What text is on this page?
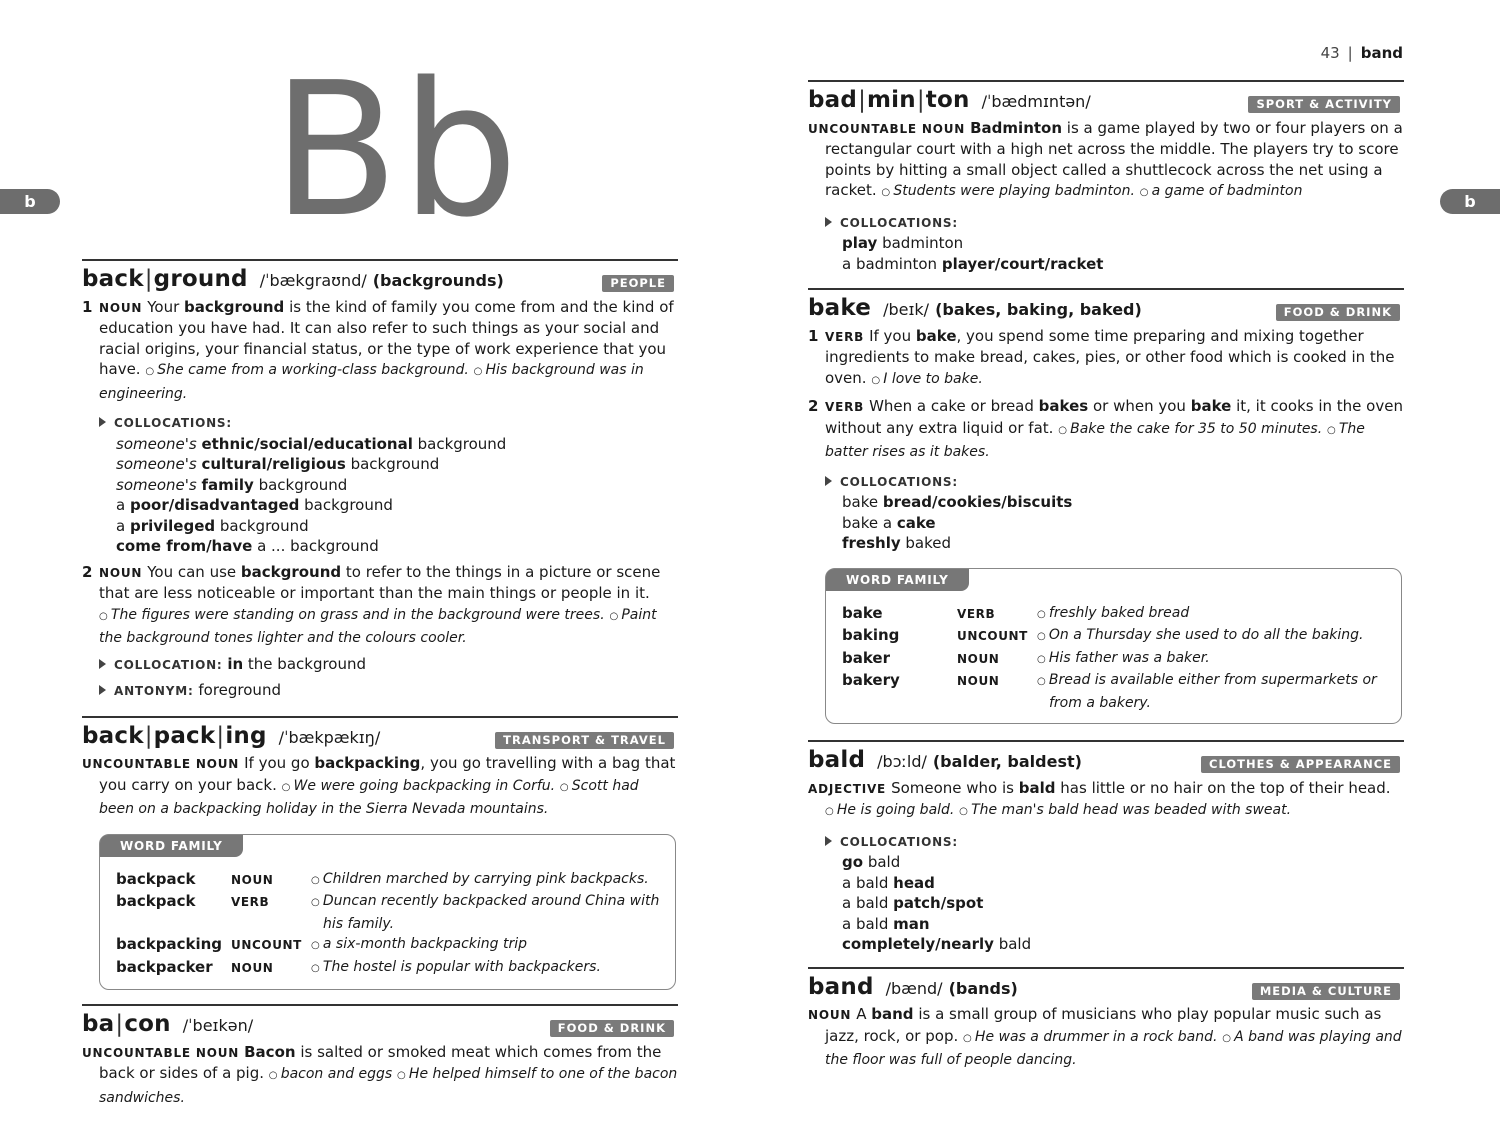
b	b
Bb	43 | band
back|ground /ˈbækgraʊnd/ (backgrounds)	PEOPLE
1 NOUN Your background is the kind of family you come from and the kind of education you have had. It can also refer to such things as your social and racial origins, your financial status, or the type of work experience that you have. ○ She came from a working-class background. ○ His background was in engineering.
COLLOCATIONS:
someone's ethnic/social/educational background
someone's cultural/religious background
someone's family background
a poor/disadvantaged background
a privileged background
come from/have a ... background
2 NOUN You can use background to refer to the things in a picture or scene that are less noticeable or important than the main things or people in it. ○ The figures were standing on grass and in the background were trees. ○ Paint the background tones lighter and the colours cooler.
COLLOCATION: in the background
ANTONYM: foreground
back|pack|ing /ˈbækpækɪŋ/	TRANSPORT & TRAVEL
UNCOUNTABLE NOUN If you go backpacking, you go travelling with a bag that you carry on your back. ○ We were going backpacking in Corfu. ○ Scott had been on a backpacking holiday in the Sierra Nevada mountains.
WORD FAMILY
backpack	NOUN	○ Children marched by carrying pink backpacks.
backpack	VERB	○ Duncan recently backpacked around China with his family.
backpacking UNCOUNT	○ a six-month backpacking trip
backpacker	NOUN	○ The hostel is popular with backpackers.
ba|con /ˈbeɪkən/	FOOD & DRINK
UNCOUNTABLE NOUN Bacon is salted or smoked meat which comes from the back or sides of a pig. ○ bacon and eggs ○ He helped himself to one of the bacon sandwiches.
bad|min|ton /ˈbædmɪntən/	SPORT & ACTIVITY
UNCOUNTABLE NOUN Badminton is a game played by two or four players on a rectangular court with a high net across the middle. The players try to score points by hitting a small object called a shuttlecock across the net using a racket. ○ Students were playing badminton. ○ a game of badminton
COLLOCATIONS:
play badminton
a badminton player/court/racket
bake /beɪk/ (bakes, baking, baked)	FOOD & DRINK
1 VERB If you bake, you spend some time preparing and mixing together ingredients to make bread, cakes, pies, or other food which is cooked in the oven. ○ I love to bake.
2 VERB When a cake or bread bakes or when you bake it, it cooks in the oven without any extra liquid or fat. ○ Bake the cake for 35 to 50 minutes. ○ The batter rises as it bakes.
COLLOCATIONS:
bake bread/cookies/biscuits
bake a cake
freshly baked
WORD FAMILY
bake	VERB	○ freshly baked bread
baking	UNCOUNT	○ On a Thursday she used to do all the baking.
baker	NOUN	○ His father was a baker.
bakery	NOUN	○ Bread is available either from supermarkets or from a bakery.
bald /bɔːld/ (balder, baldest)	CLOTHES & APPEARANCE
ADJECTIVE Someone who is bald has little or no hair on the top of their head. ○ He is going bald. ○ The man's bald head was beaded with sweat.
COLLOCATIONS:
go bald
a bald head
a bald patch/spot
a bald man
completely/nearly bald
band /bænd/ (bands)	MEDIA & CULTURE
NOUN A band is a small group of musicians who play popular music such as jazz, rock, or pop. ○ He was a drummer in a rock band. ○ A band was playing and the floor was full of people dancing.
